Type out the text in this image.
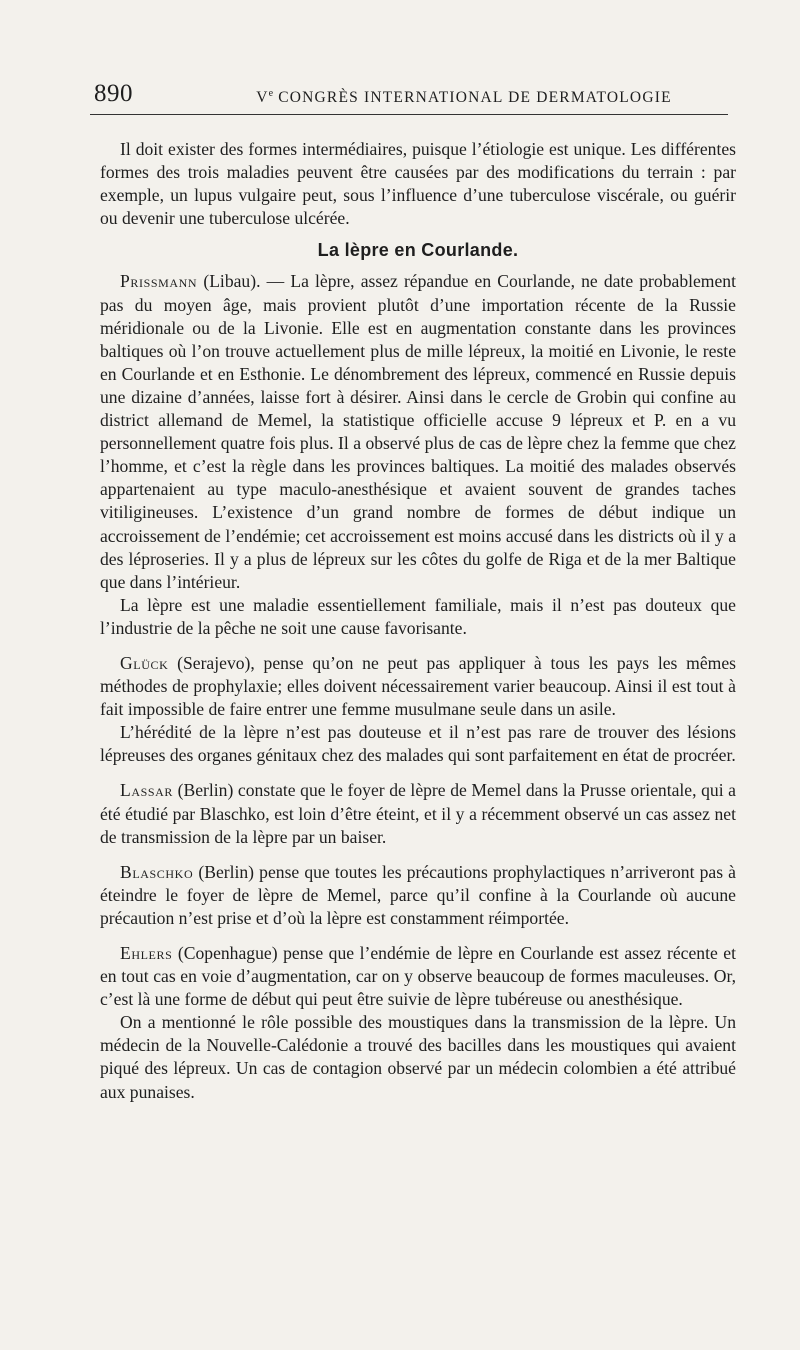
890	Ve CONGRÈS INTERNATIONAL DE DERMATOLOGIE

Il doit exister des formes intermédiaires, puisque l’étiologie est unique. Les différentes formes des trois maladies peuvent être causées par des modifications du terrain : par exemple, un lupus vulgaire peut, sous l’influence d’une tuberculose viscérale, ou guérir ou devenir une tuberculose ulcérée.

La lèpre en Courlande.

Prissmann (Libau). — La lèpre, assez répandue en Courlande, ne date probablement pas du moyen âge, mais provient plutôt d’une importation récente de la Russie méridionale ou de la Livonie. Elle est en augmentation constante dans les provinces baltiques où l’on trouve actuellement plus de mille lépreux, la moitié en Livonie, le reste en Courlande et en Esthonie. Le dénombrement des lépreux, commencé en Russie depuis une dizaine d’années, laisse fort à désirer. Ainsi dans le cercle de Grobin qui confine au district allemand de Memel, la statistique officielle accuse 9 lépreux et P. en a vu personnellement quatre fois plus. Il a observé plus de cas de lèpre chez la femme que chez l’homme, et c’est la règle dans les provinces baltiques. La moitié des malades observés appartenaient au type maculo-anesthésique et avaient souvent de grandes taches vitiligineuses. L’existence d’un grand nombre de formes de début indique un accroissement de l’endémie; cet accroissement est moins accusé dans les districts où il y a des léproseries. Il y a plus de lépreux sur les côtes du golfe de Riga et de la mer Baltique que dans l’intérieur.

La lèpre est une maladie essentiellement familiale, mais il n’est pas douteux que l’industrie de la pêche ne soit une cause favorisante.

Glück (Serajevo), pense qu’on ne peut pas appliquer à tous les pays les mêmes méthodes de prophylaxie; elles doivent nécessairement varier beaucoup. Ainsi il est tout à fait impossible de faire entrer une femme musulmane seule dans un asile.

L’hérédité de la lèpre n’est pas douteuse et il n’est pas rare de trouver des lésions lépreuses des organes génitaux chez des malades qui sont parfaitement en état de procréer.

Lassar (Berlin) constate que le foyer de lèpre de Memel dans la Prusse orientale, qui a été étudié par Blaschko, est loin d’être éteint, et il y a récemment observé un cas assez net de transmission de la lèpre par un baiser.

Blaschko (Berlin) pense que toutes les précautions prophylactiques n’arriveront pas à éteindre le foyer de lèpre de Memel, parce qu’il confine à la Courlande où aucune précaution n’est prise et d’où la lèpre est constamment réimportée.

Ehlers (Copenhague) pense que l’endémie de lèpre en Courlande est assez récente et en tout cas en voie d’augmentation, car on y observe beaucoup de formes maculeuses. Or, c’est là une forme de début qui peut être suivie de lèpre tubéreuse ou anesthésique.

On a mentionné le rôle possible des moustiques dans la transmission de la lèpre. Un médecin de la Nouvelle-Calédonie a trouvé des bacilles dans les moustiques qui avaient piqué des lépreux. Un cas de contagion observé par un médecin colombien a été attribué aux punaises.
